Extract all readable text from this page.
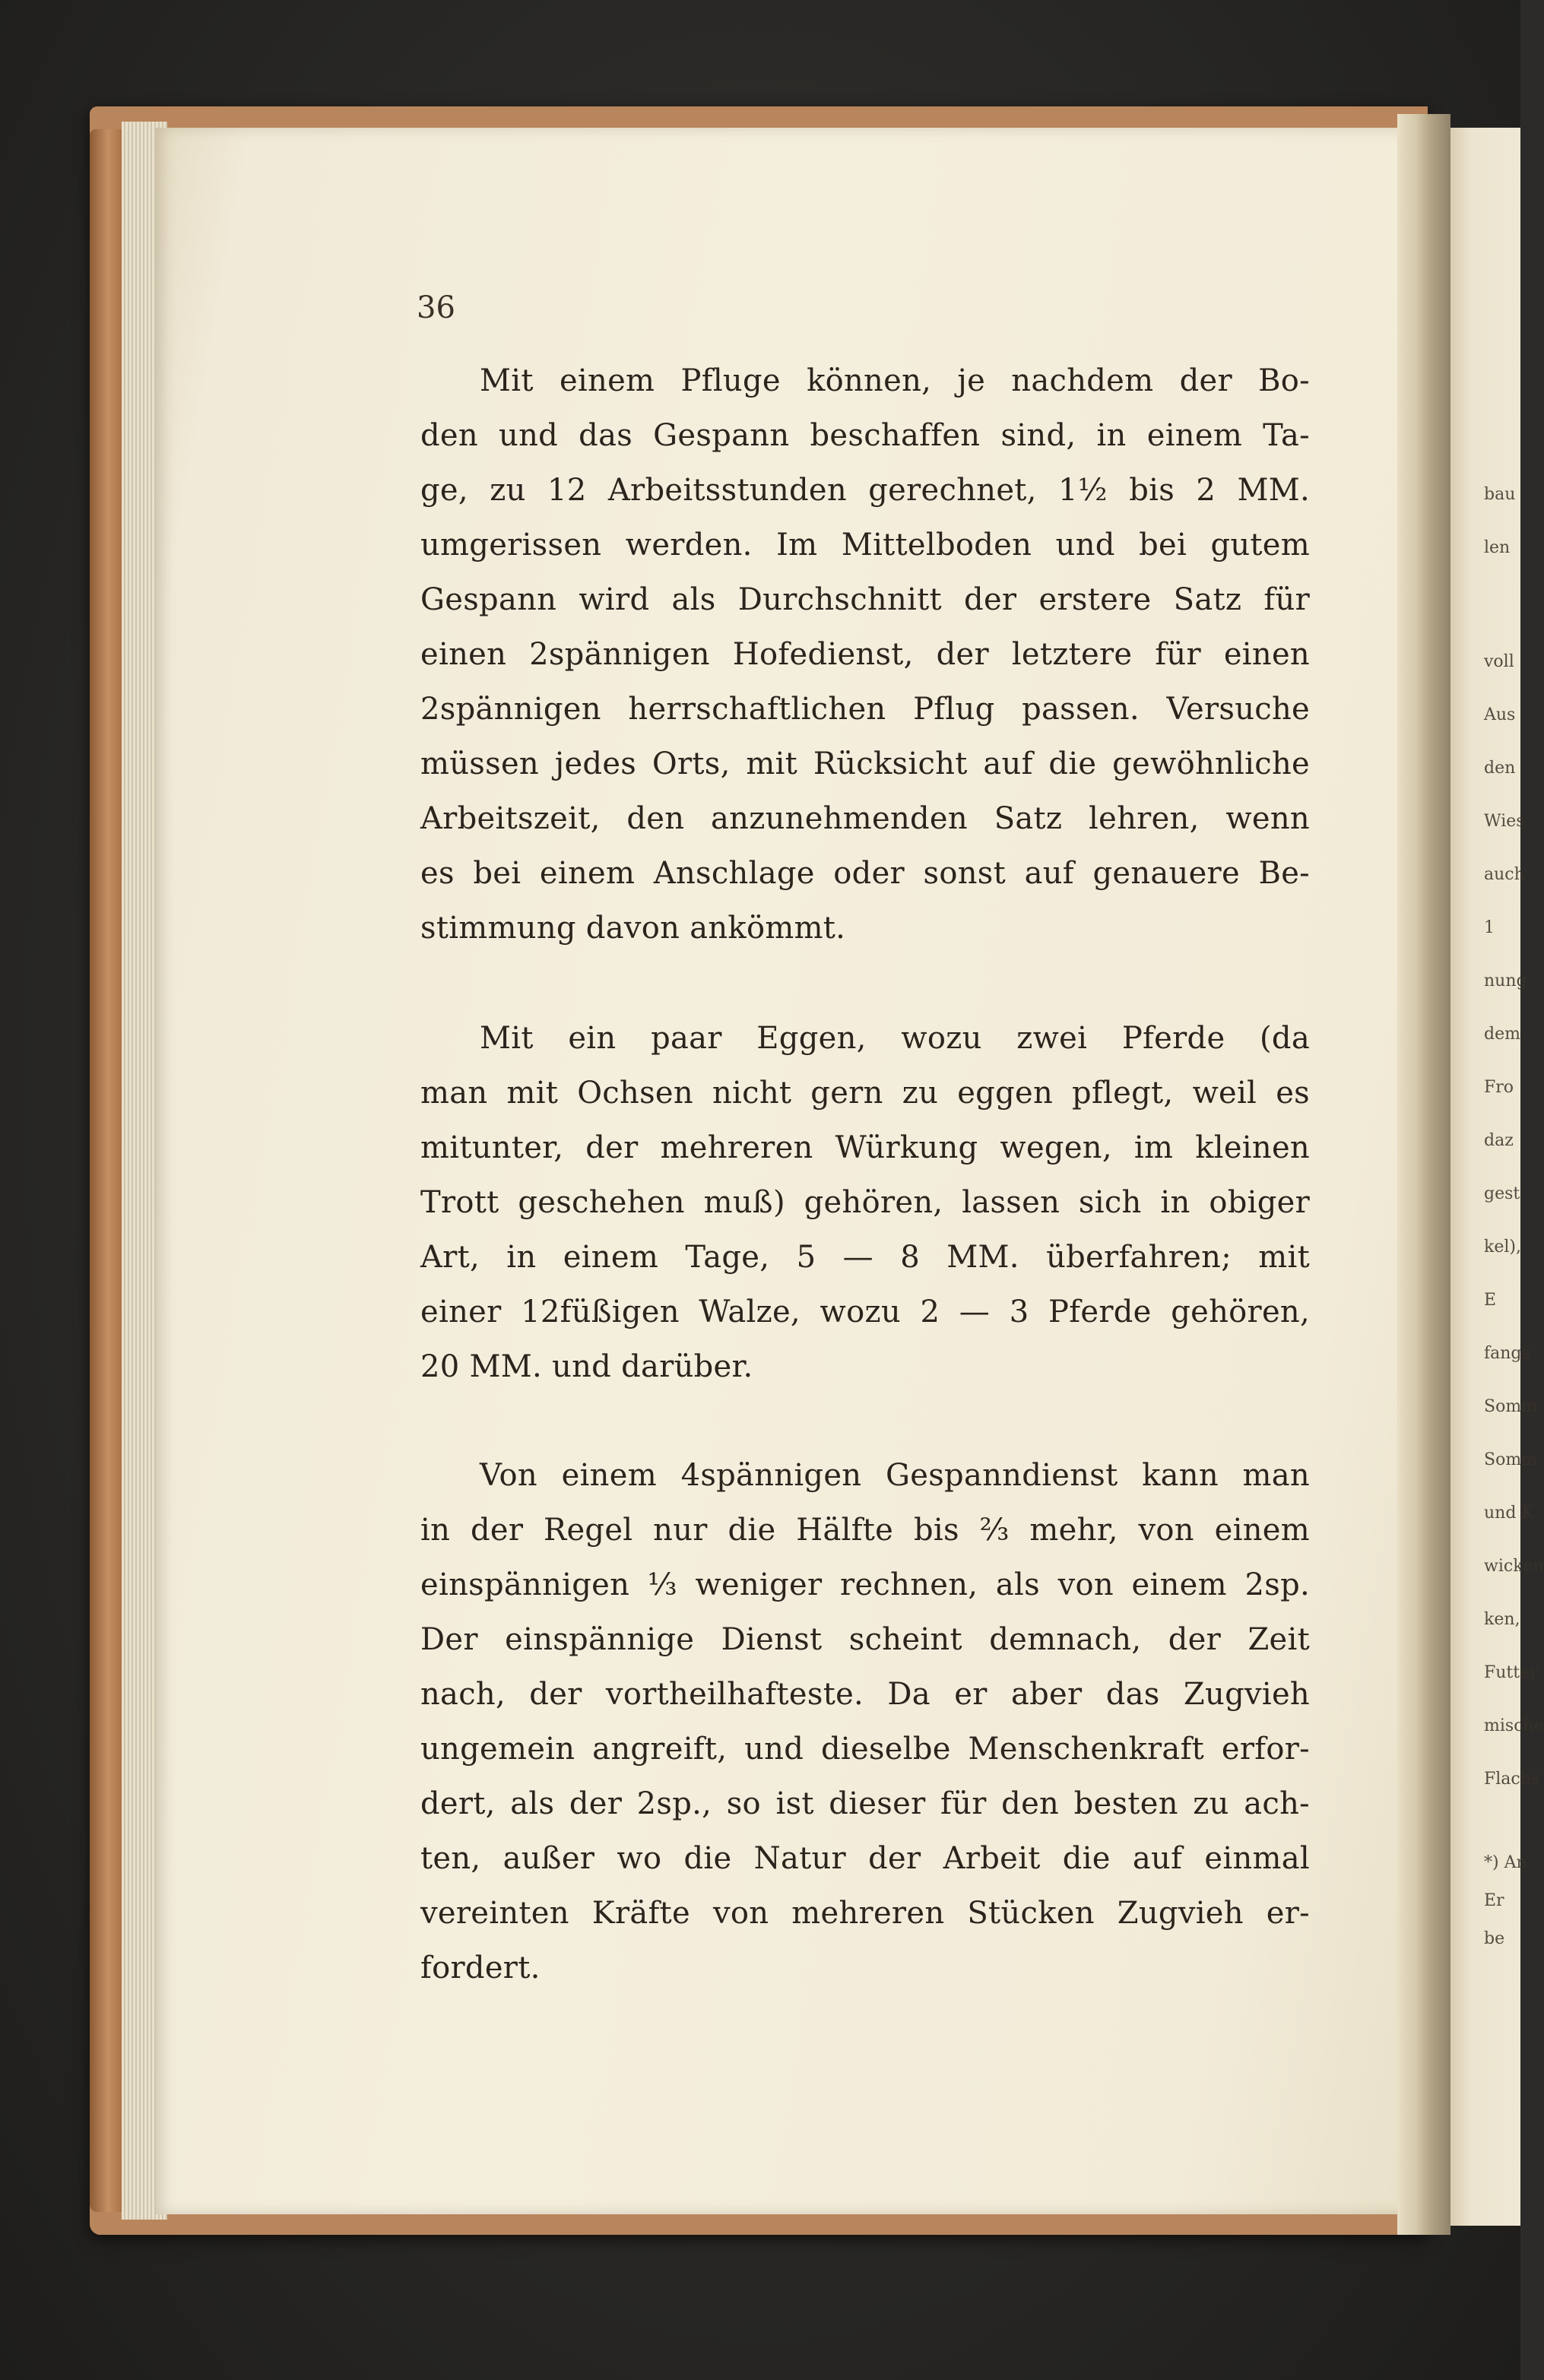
bau
len
voll
Aus
den
Wies
auch
1
nung
dem
Fro
daz
gest
kel),
E
fangs
Somm
Somm
und K
wicken
ken,
Futter
mische
Flachs
*) An
Er
be
36
Mit einem Pfluge können, je nachdem der Bo-
den und das Gespann beschaffen sind, in einem Ta-
ge, zu 12 Arbeitsstunden gerechnet, 1½ bis 2 MM.
umgerissen werden. Im Mittelboden und bei gutem
Gespann wird als Durchschnitt der erstere Satz für
einen 2spännigen Hofedienst, der letztere für einen
2spännigen herrschaftlichen Pflug passen. Versuche
müssen jedes Orts, mit Rücksicht auf die gewöhnliche
Arbeitszeit, den anzunehmenden Satz lehren, wenn
es bei einem Anschlage oder sonst auf genauere Be-
stimmung davon ankömmt.
Mit ein paar Eggen, wozu zwei Pferde (da
man mit Ochsen nicht gern zu eggen pflegt, weil es
mitunter, der mehreren Würkung wegen, im kleinen
Trott geschehen muß) gehören, lassen sich in obiger
Art, in einem Tage, 5 — 8 MM. überfahren; mit
einer 12füßigen Walze, wozu 2 — 3 Pferde gehören,
20 MM. und darüber.
Von einem 4spännigen Gespanndienst kann man
in der Regel nur die Hälfte bis ⅔ mehr, von einem
einspännigen ⅓ weniger rechnen, als von einem 2sp.
Der einspännige Dienst scheint demnach, der Zeit
nach, der vortheilhafteste. Da er aber das Zugvieh
ungemein angreift, und dieselbe Menschenkraft erfor-
dert, als der 2sp., so ist dieser für den besten zu ach-
ten, außer wo die Natur der Arbeit die auf einmal
vereinten Kräfte von mehreren Stücken Zugvieh er-
fordert.
